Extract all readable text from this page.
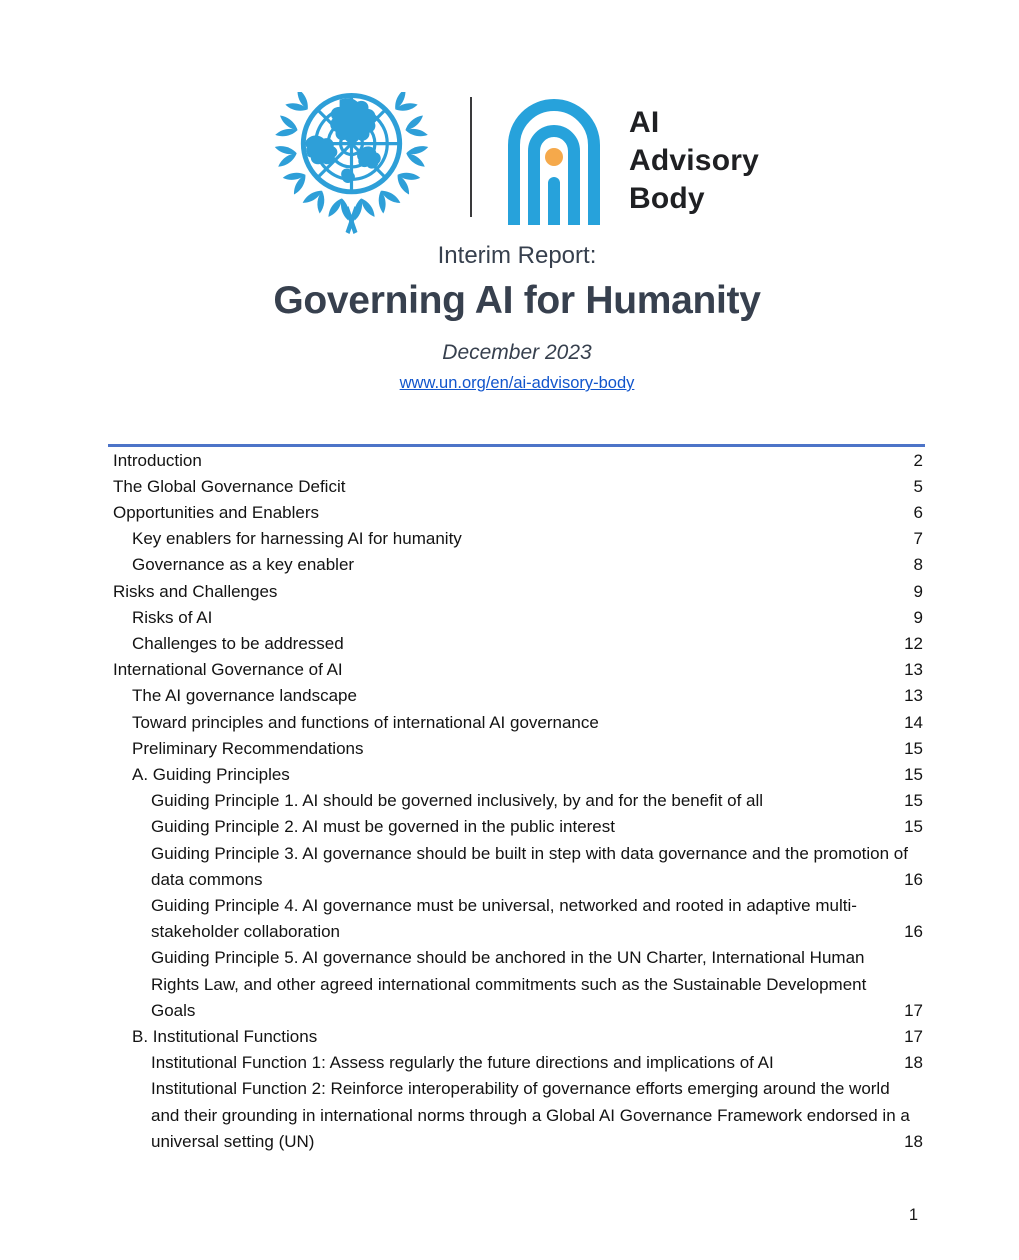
AI
Advisory
Body
Interim Report:
Governing AI for Humanity
December 2023
www.un.org/en/ai-advisory-body
Introduction	2
The Global Governance Deficit	5
Opportunities and Enablers	6
Key enablers for harnessing AI for humanity	7
Governance as a key enabler	8
Risks and Challenges	9
Risks of AI	9
Challenges to be addressed	12
International Governance of AI	13
The AI governance landscape	13
Toward principles and functions of international AI governance	14
Preliminary Recommendations	15
A. Guiding Principles	15
Guiding Principle 1. AI should be governed inclusively, by and for the benefit of all	15
Guiding Principle 2. AI must be governed in the public interest	15
Guiding Principle 3. AI governance should be built in step with data governance and the promotion of data commons	16
Guiding Principle 4. AI governance must be universal, networked and rooted in adaptive multi-stakeholder collaboration	16
Guiding Principle 5. AI governance should be anchored in the UN Charter, International Human Rights Law, and other agreed international commitments such as the Sustainable Development Goals	17
B. Institutional Functions	17
Institutional Function 1: Assess regularly the future directions and implications of AI	18
Institutional Function 2: Reinforce interoperability of governance efforts emerging around the world and their grounding in international norms through a Global AI Governance Framework endorsed in a universal setting (UN)	18
1
